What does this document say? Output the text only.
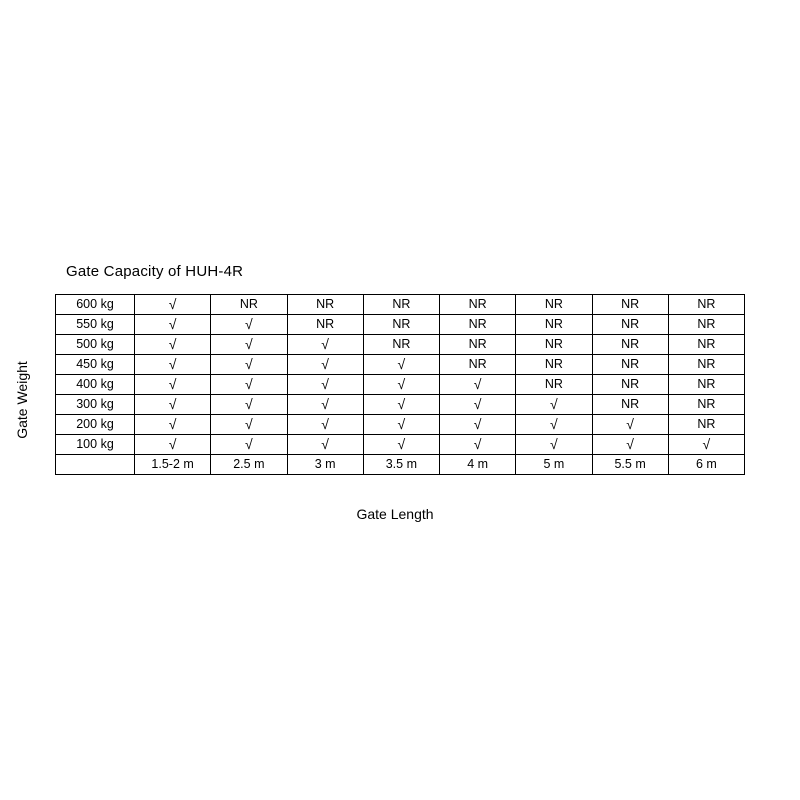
Gate Capacity of HUH-4R
Gate Weight
600 kg	√	NR	NR	NR	NR	NR	NR	NR
550 kg	√	√	NR	NR	NR	NR	NR	NR
500 kg	√	√	√	NR	NR	NR	NR	NR
450 kg	√	√	√	√	NR	NR	NR	NR
400 kg	√	√	√	√	√	NR	NR	NR
300 kg	√	√	√	√	√	√	NR	NR
200 kg	√	√	√	√	√	√	√	NR
100 kg	√	√	√	√	√	√	√	√
	1.5-2 m	2.5 m	3 m	3.5 m	4 m	5 m	5.5 m	6 m
Gate Length
